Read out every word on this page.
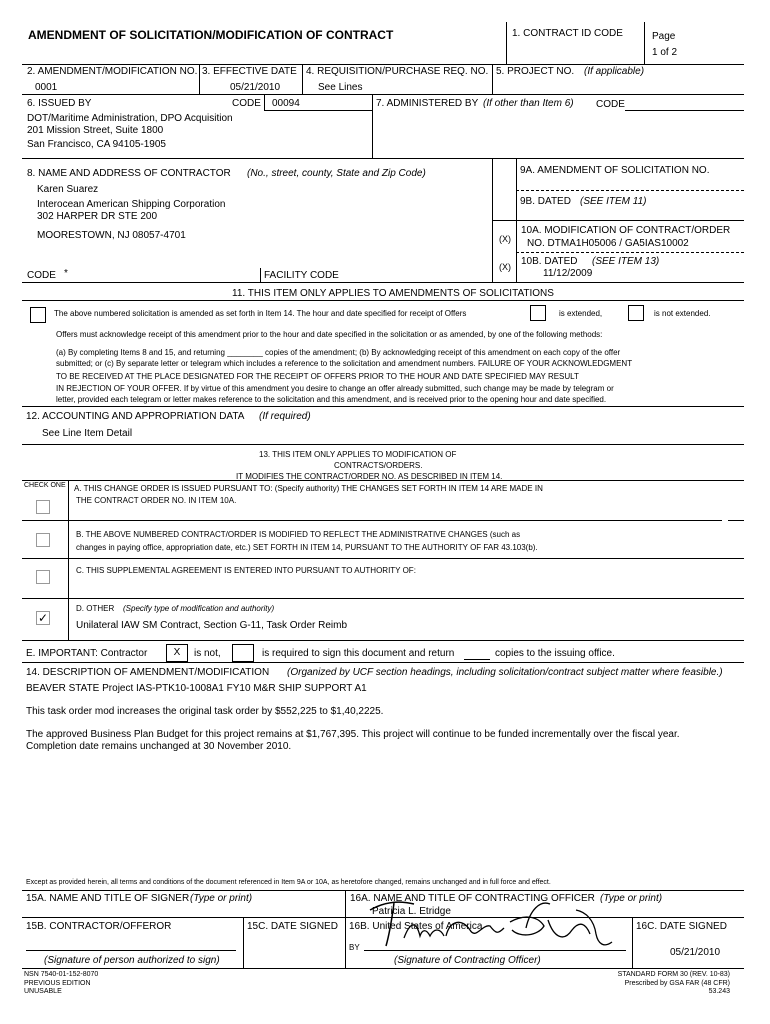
AMENDMENT OF SOLICITATION/MODIFICATION OF CONTRACT	1. CONTRACT ID CODE	Page
1 of 2
2. AMENDMENT/MODIFICATION NO.
0001
3. EFFECTIVE DATE
05/21/2010
4. REQUISITION/PURCHASE REQ. NO.
See Lines
5. PROJECT NO. (If applicable)
6. ISSUED BY	CODE 00094	7. ADMINISTERED BY (If other than Item 6) CODE
DOT/Maritime Administration, DPO Acquisition
201 Mission Street, Suite 1800
San Francisco, CA 94105-1905
8. NAME AND ADDRESS OF CONTRACTOR (No., street, county, State and Zip Code)
Karen Suarez
Interocean American Shipping Corporation
302 HARPER DR STE 200
MOORESTOWN, NJ 08057-4701
CODE *	FACILITY CODE
9A. AMENDMENT OF SOLICITATION NO.
9B. DATED (SEE ITEM 11)
(X)
10A. MODIFICATION OF CONTRACT/ORDER
NO. DTMA1H05006 / GA5IAS10002
(X) 10B. DATED (SEE ITEM 13)
11/12/2009
11. THIS ITEM ONLY APPLIES TO AMENDMENTS OF SOLICITATIONS
The above numbered solicitation is amended as set forth in Item 14. The hour and date specified for receipt of Offers	is extended,	is not extended.
Offers must acknowledge receipt of this amendment prior to the hour and date specified in the solicitation or as amended, by one of the following methods:
(a) By completing Items 8 and 15, and returning ________ copies of the amendment; (b) By acknowledging receipt of this amendment on each copy of the offer
submitted; or (c) By separate letter or telegram which includes a reference to the solicitation and amendment numbers. FAILURE OF YOUR ACKNOWLEDGMENT
TO BE RECEIVED AT THE PLACE DESIGNATED FOR THE RECEIPT OF OFFERS PRIOR TO THE HOUR AND DATE SPECIFIED MAY RESULT
IN REJECTION OF YOUR OFFER. If by virtue of this amendment you desire to change an offer already submitted, such change may be made by telegram or
letter, provided each telegram or letter makes reference to the solicitation and this amendment, and is received prior to the opening hour and date specified.
12. ACCOUNTING AND APPROPRIATION DATA (If required)
See Line Item Detail
13. THIS ITEM ONLY APPLIES TO MODIFICATION OF
CONTRACTS/ORDERS.
IT MODIFIES THE CONTRACT/ORDER NO. AS DESCRIBED IN ITEM 14.
CHECK ONE A. THIS CHANGE ORDER IS ISSUED PURSUANT TO: (Specify authority) THE CHANGES SET FORTH IN ITEM 14 ARE MADE IN
THE CONTRACT ORDER NO. IN ITEM 10A.
B. THE ABOVE NUMBERED CONTRACT/ORDER IS MODIFIED TO REFLECT THE ADMINISTRATIVE CHANGES (such as
changes in paying office, appropriation date, etc.) SET FORTH IN ITEM 14, PURSUANT TO THE AUTHORITY OF FAR 43.103(b).
C. THIS SUPPLEMENTAL AGREEMENT IS ENTERED INTO PURSUANT TO AUTHORITY OF:
✓
D. OTHER (Specify type of modification and authority)
Unilateral IAW SM Contract, Section G-11, Task Order Reimb
E. IMPORTANT: Contractor	X	is not,	is required to sign this document and return	copies to the issuing office.
14. DESCRIPTION OF AMENDMENT/MODIFICATION (Organized by UCF section headings, including solicitation/contract subject matter where feasible.)
BEAVER STATE Project IAS-PTK10-1008A1 FY10 M&R SHIP SUPPORT A1
This task order mod increases the original task order by $552,225 to $1,40,2225.
The approved Business Plan Budget for this project remains at $1,767,395. This project will continue to be funded incrementally over the fiscal year.
Completion date remains unchanged at 30 November 2010.
Except as provided herein, all terms and conditions of the document referenced in Item 9A or 10A, as heretofore changed, remains unchanged and in full force and effect.
15A. NAME AND TITLE OF SIGNER (Type or print)	16A. NAME AND TITLE OF CONTRACTING OFFICER (Type or print)
Patricia L. Etridge
15B. CONTRACTOR/OFFEROR	15C. DATE SIGNED 16B. United States of America	16C. DATE SIGNED
05/21/2010
BY
(Signature of person authorized to sign)	(Signature of Contracting Officer)
NSN 7540-01-152-8070
PREVIOUS EDITION
UNUSABLE
STANDARD FORM 30 (REV. 10-83)
Prescribed by GSA FAR (48 CFR)
53.243
